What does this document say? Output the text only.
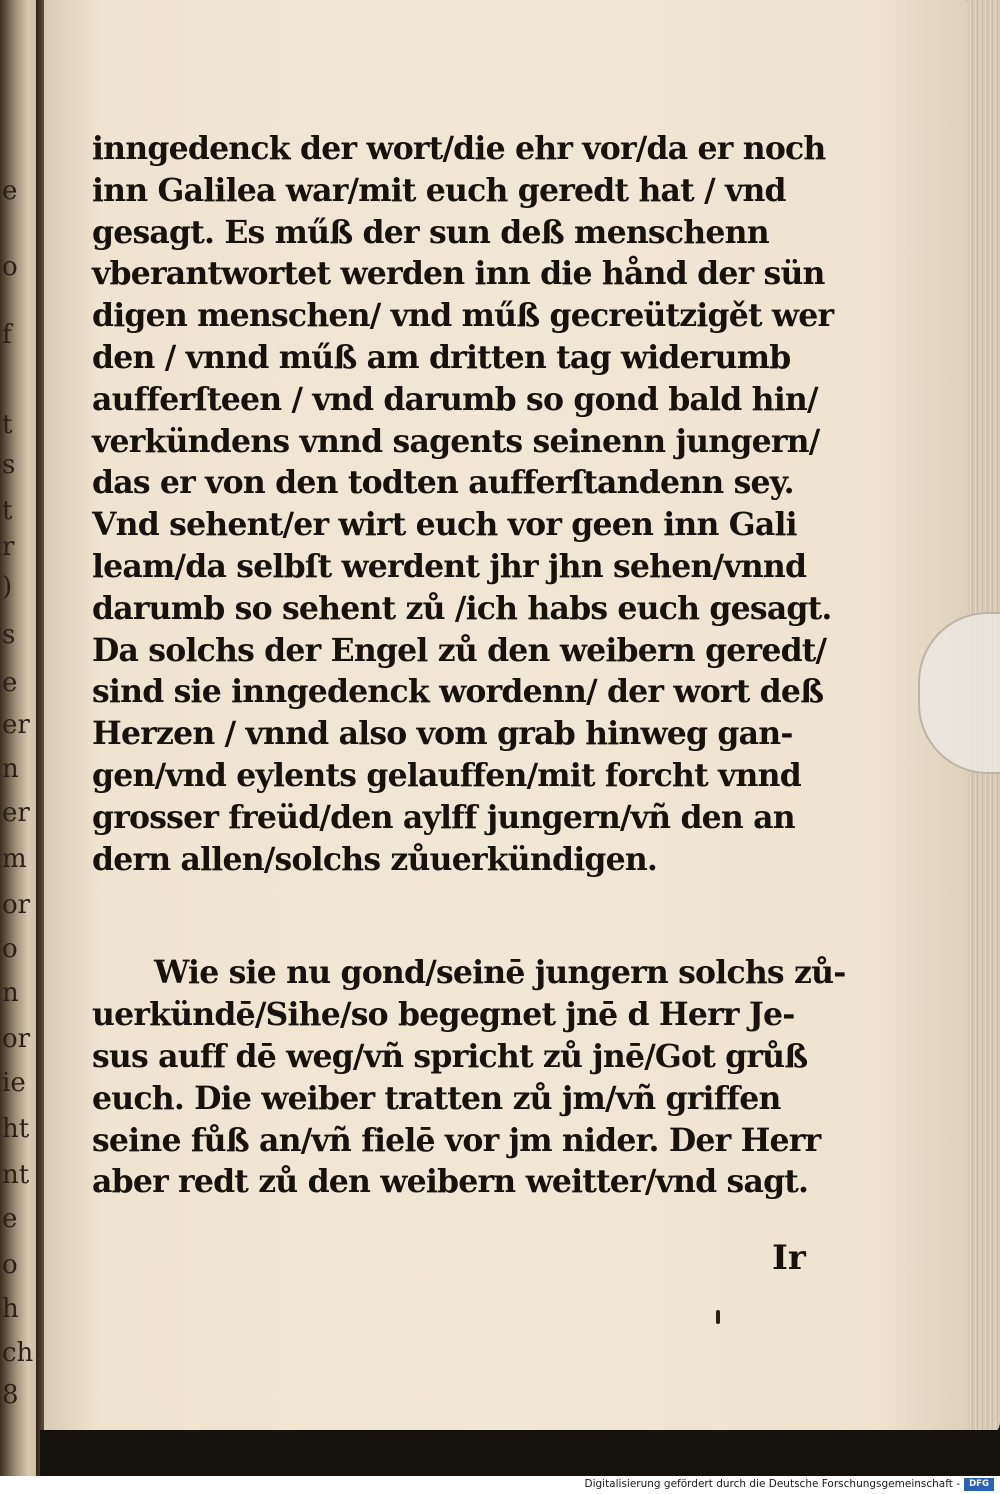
e
o
f
t
s
t
r
)
s
e
er
n
er
m
or
o
n
or
ie
ht
nt
e
o
h
ch
8
inngedenck der wort/die ehr vor/da er noch
inn Galilea war/mit euch geredt hat / vnd
gesagt. Es műß der sun deß menschenn
vberantwortet werden inn die hånd der sün
digen menschen/ vnd műß gecreützigět wer
den / vnnd műß am dritten tag widerumb
aufferſteen / vnd darumb so gond bald hin/
verkündens vnnd sagents seinenn jungern/
das er von den todten aufferſtandenn sey.
Vnd sehent/er wirt euch vor geen inn Gali
leam/da selbſt werdent jhr jhn sehen/vnnd
darumb so sehent zů /ich habs euch gesagt.
Da solchs der Engel zů den weibern geredt/
sind sie inngedenck wordenn/ der wort deß
Herzen / vnnd also vom grab hinweg gan-
gen/vnd eylents gelauffen/mit forcht vnnd
grosser freüd/den aylff jungern/vñ den an
dern allen/solchs zůuerkündigen.
Wie sie nu gond/seinē jungern solchs zů-
uerkündē/Sihe/so begegnet jnē d Herr Je-
sus auff dē weg/vñ spricht zů jnē/Got grůß
euch. Die weiber tratten zů jm/vñ griffen
seine fůß an/vñ fielē vor jm nider. Der Herr
aber redt zů den weibern weitter/vnd sagt.
Ir
Digitalisierung gefördert durch die Deutsche Forschungsgemeinschaft -	DFG
